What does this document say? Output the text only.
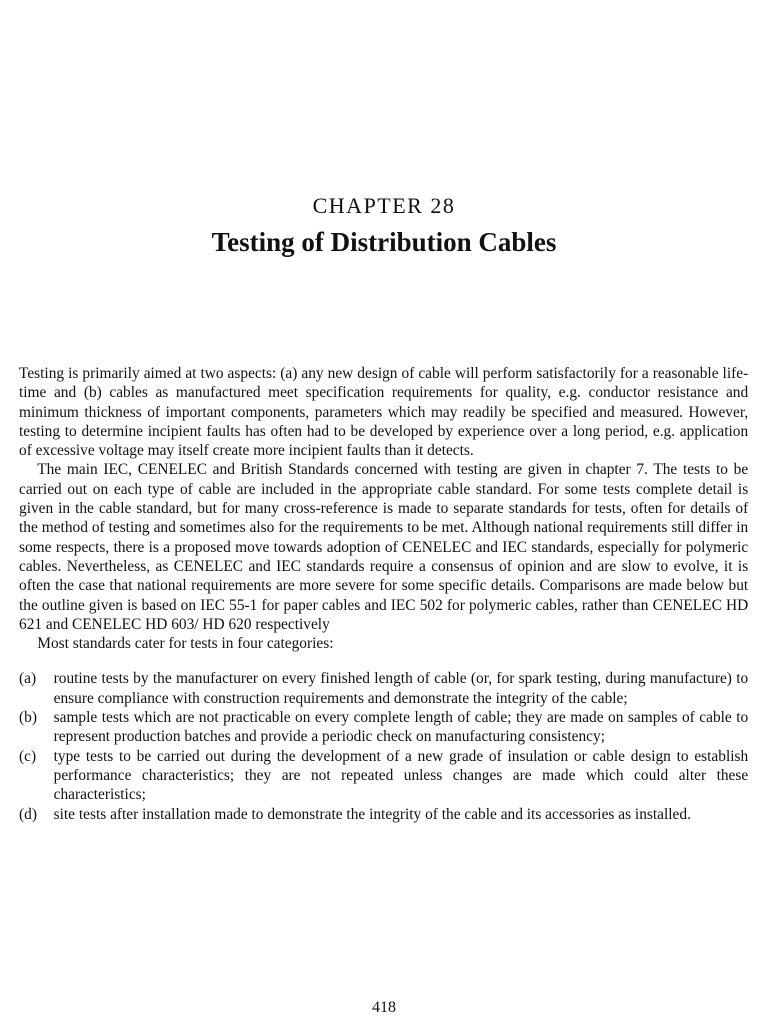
CHAPTER 28
Testing of Distribution Cables

Testing is primarily aimed at two aspects: (a) any new design of cable will perform satisfactorily for a reasonable life-time and (b) cables as manufactured meet specification requirements for quality, e.g. conductor resistance and minimum thickness of important components, parameters which may readily be specified and measured. However, testing to determine incipient faults has often had to be developed by experience over a long period, e.g. application of excessive voltage may itself create more incipient faults than it detects.

The main IEC, CENELEC and British Standards concerned with testing are given in chapter 7. The tests to be carried out on each type of cable are included in the appropriate cable standard. For some tests complete detail is given in the cable standard, but for many cross-reference is made to separate standards for tests, often for details of the method of testing and sometimes also for the requirements to be met. Although national requirements still differ in some respects, there is a proposed move towards adoption of CENELEC and IEC standards, especially for polymeric cables. Nevertheless, as CENELEC and IEC standards require a consensus of opinion and are slow to evolve, it is often the case that national requirements are more severe for some specific details. Comparisons are made below but the outline given is based on IEC 55-1 for paper cables and IEC 502 for polymeric cables, rather than CENELEC HD 621 and CENELEC HD 603/ HD 620 respectively

Most standards cater for tests in four categories:

(a)	routine tests by the manufacturer on every finished length of cable (or, for spark testing, during manufacture) to ensure compliance with construction requirements and demonstrate the integrity of the cable;
(b)	sample tests which are not practicable on every complete length of cable; they are made on samples of cable to represent production batches and provide a periodic check on manufacturing consistency;
(c)	type tests to be carried out during the development of a new grade of insulation or cable design to establish performance characteristics; they are not repeated unless changes are made which could alter these characteristics;
(d)	site tests after installation made to demonstrate the integrity of the cable and its accessories as installed.
418
